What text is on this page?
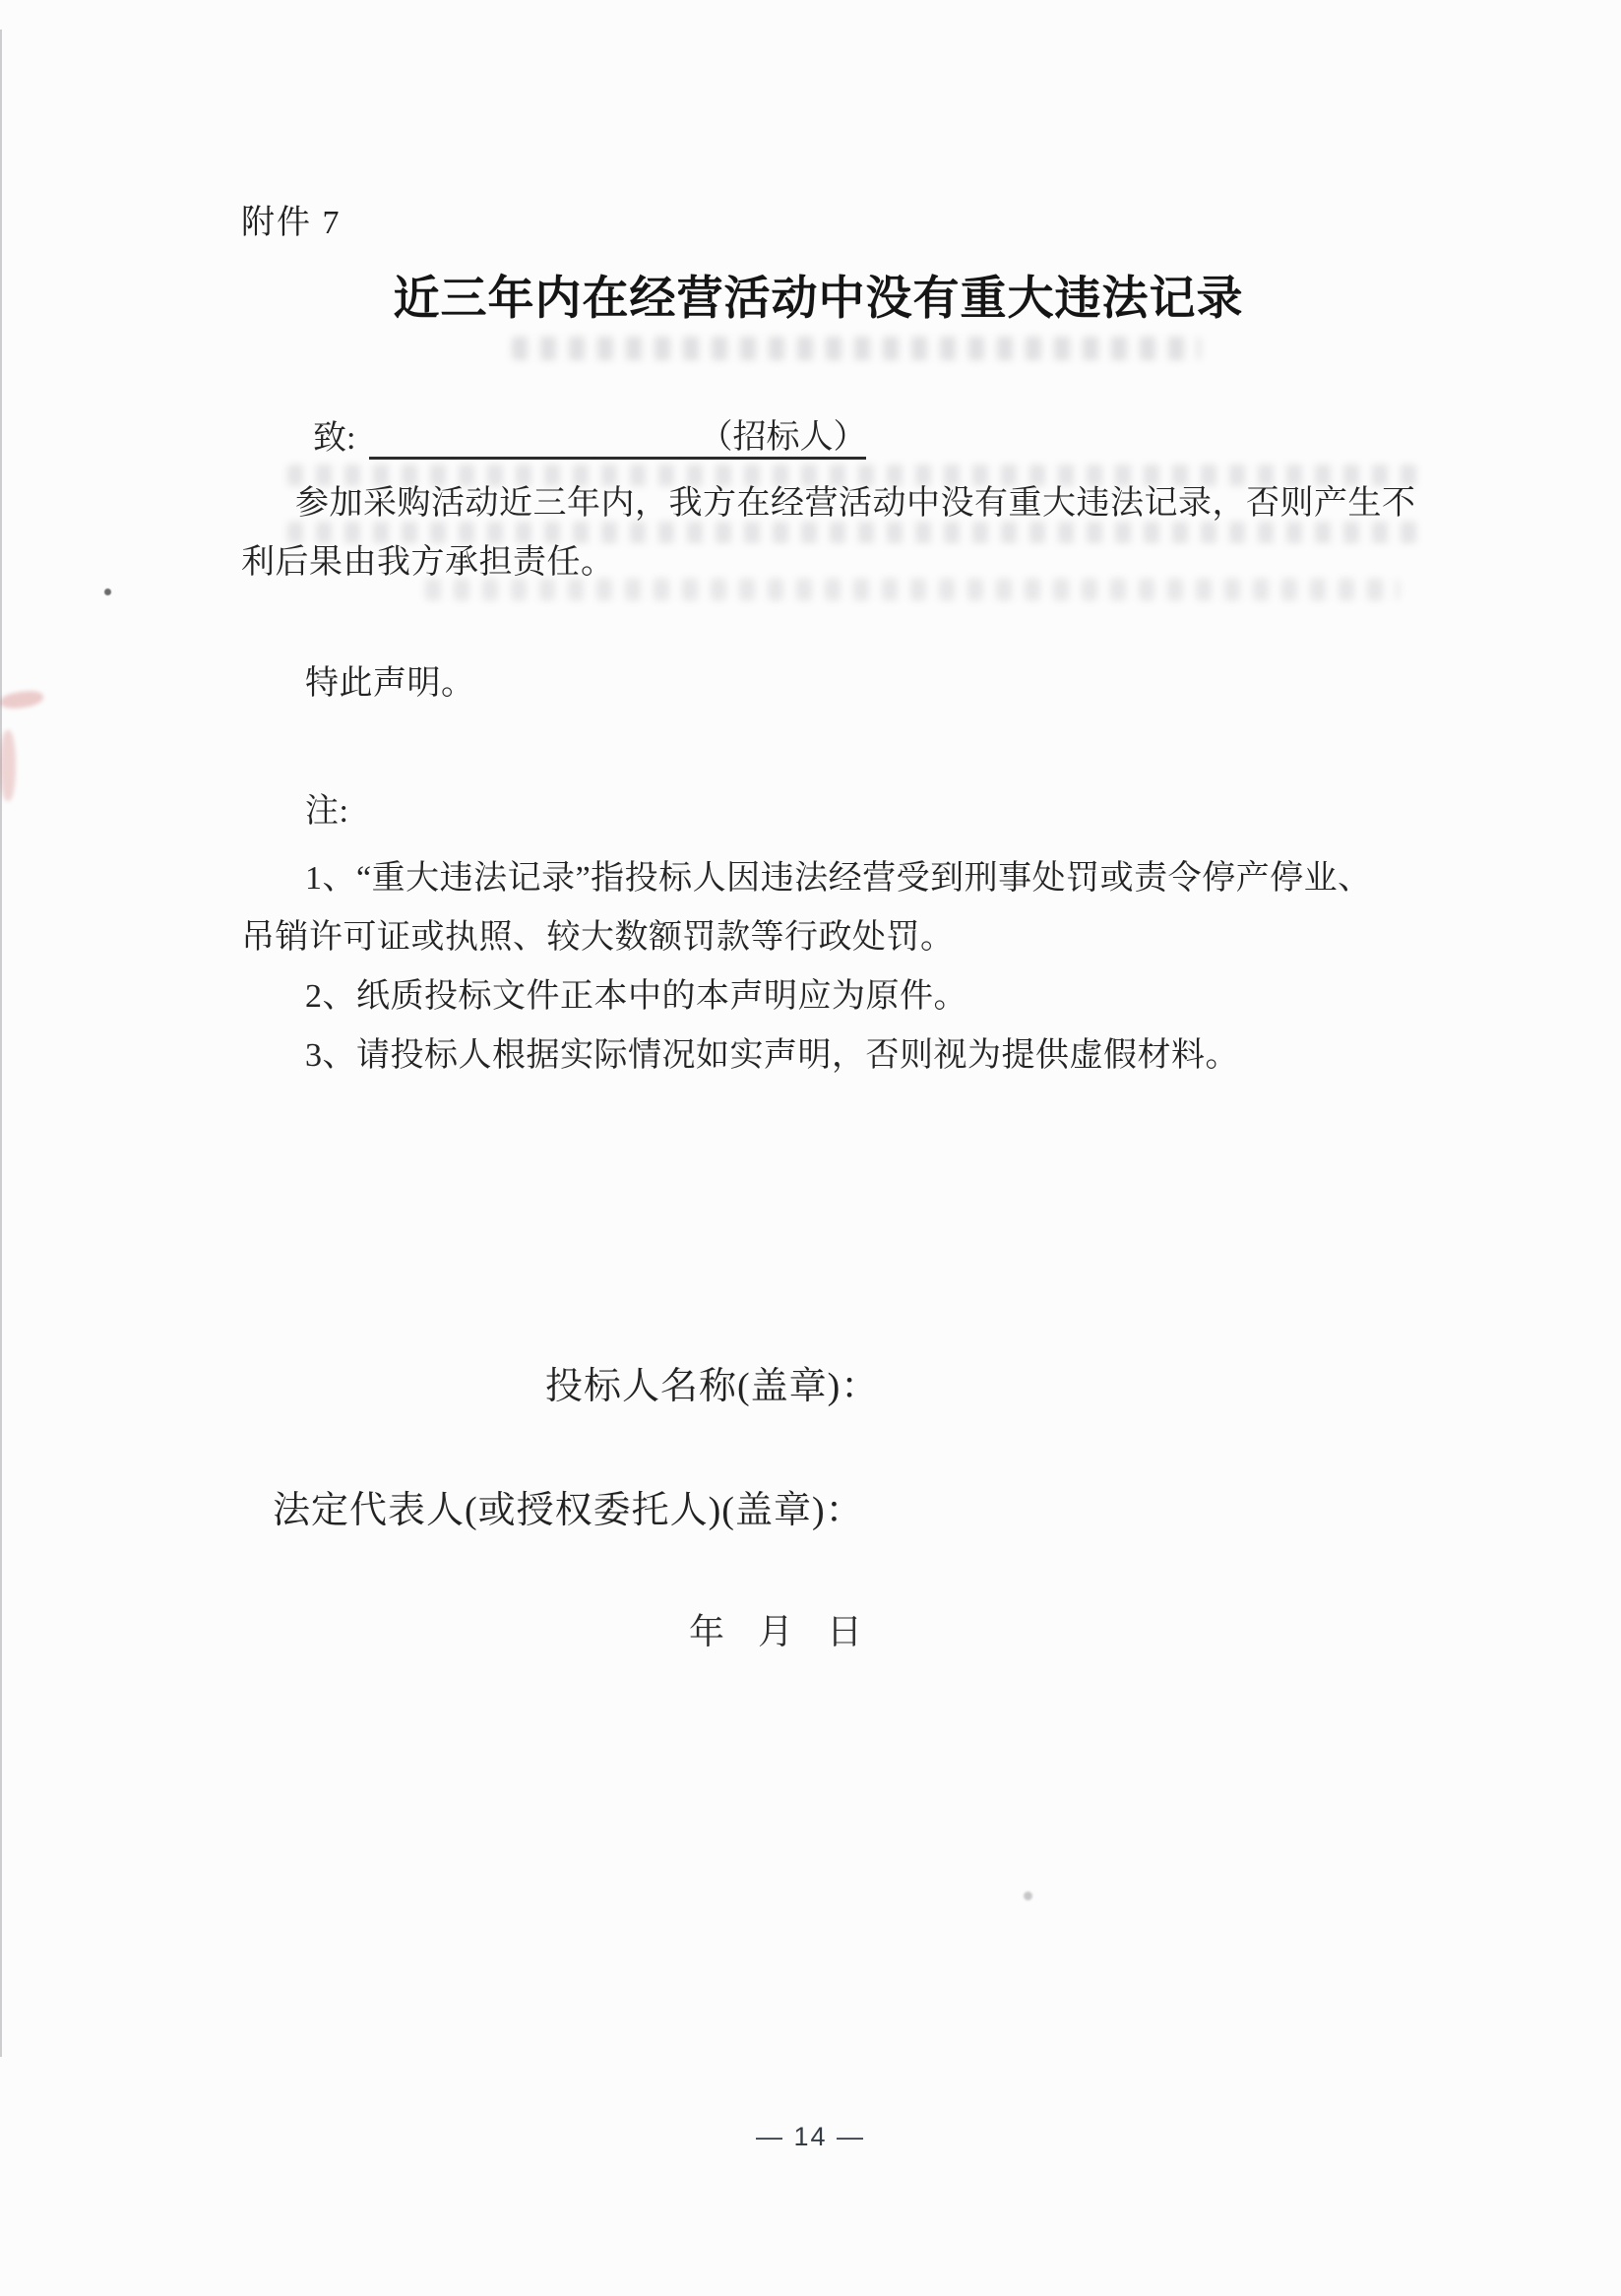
附件 7
近三年内在经营活动中没有重大违法记录
致:	（招标人）
参加采购活动近三年内，我方在经营活动中没有重大违法记录，否则产生不
利后果由我方承担责任。
特此声明。
注:
1、“重大违法记录”指投标人因违法经营受到刑事处罚或责令停产停业、
吊销许可证或执照、较大数额罚款等行政处罚。
2、纸质投标文件正本中的本声明应为原件。
3、请投标人根据实际情况如实声明，否则视为提供虚假材料。
投标人名称(盖章)：
法定代表人(或授权委托人)(盖章)：
年 月 日
— 14 —
